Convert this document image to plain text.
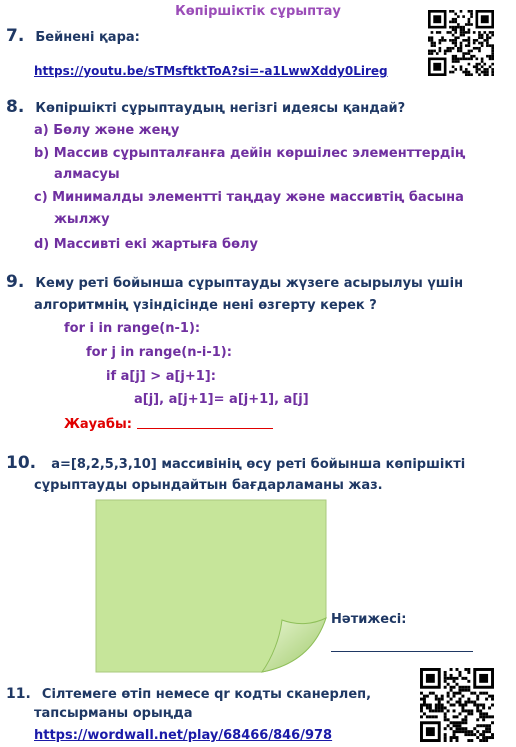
Көпіршіктік сұрыптау
7. Бейнені қара:
https://youtu.be/sTMsftktToA?si=-a1LwwXddy0Lireg
8. Көпіршікті сұрыптаудың негізгі идеясы қандай?
a) Бөлу және жеңу
b) Массив сұрыпталғанға дейін көршілес элементтердің
алмасуы
c) Минималды элементті таңдау және массивтің басына
жылжу
d) Массивті екі жартыға бөлу
9. Кему реті бойынша сұрыптауды жүзеге асырылуы үшін
алгоритмнің үзіндісінде нені өзгерту керек ?
for i in range(n-1):
for j in range(n-i-1):
if a[j] > a[j+1]:
a[j], a[j+1]= a[j+1], a[j]
Жауабы:
10. a=[8,2,5,3,10] массивінің өсу реті бойынша көпіршікті
сұрыптауды орындайтын бағдарламаны жаз.
Нәтижесі:
11. Сілтемеге өтіп немесе qr кодты сканерлеп,
тапсырманы орыңда
https://wordwall.net/play/68466/846/978
